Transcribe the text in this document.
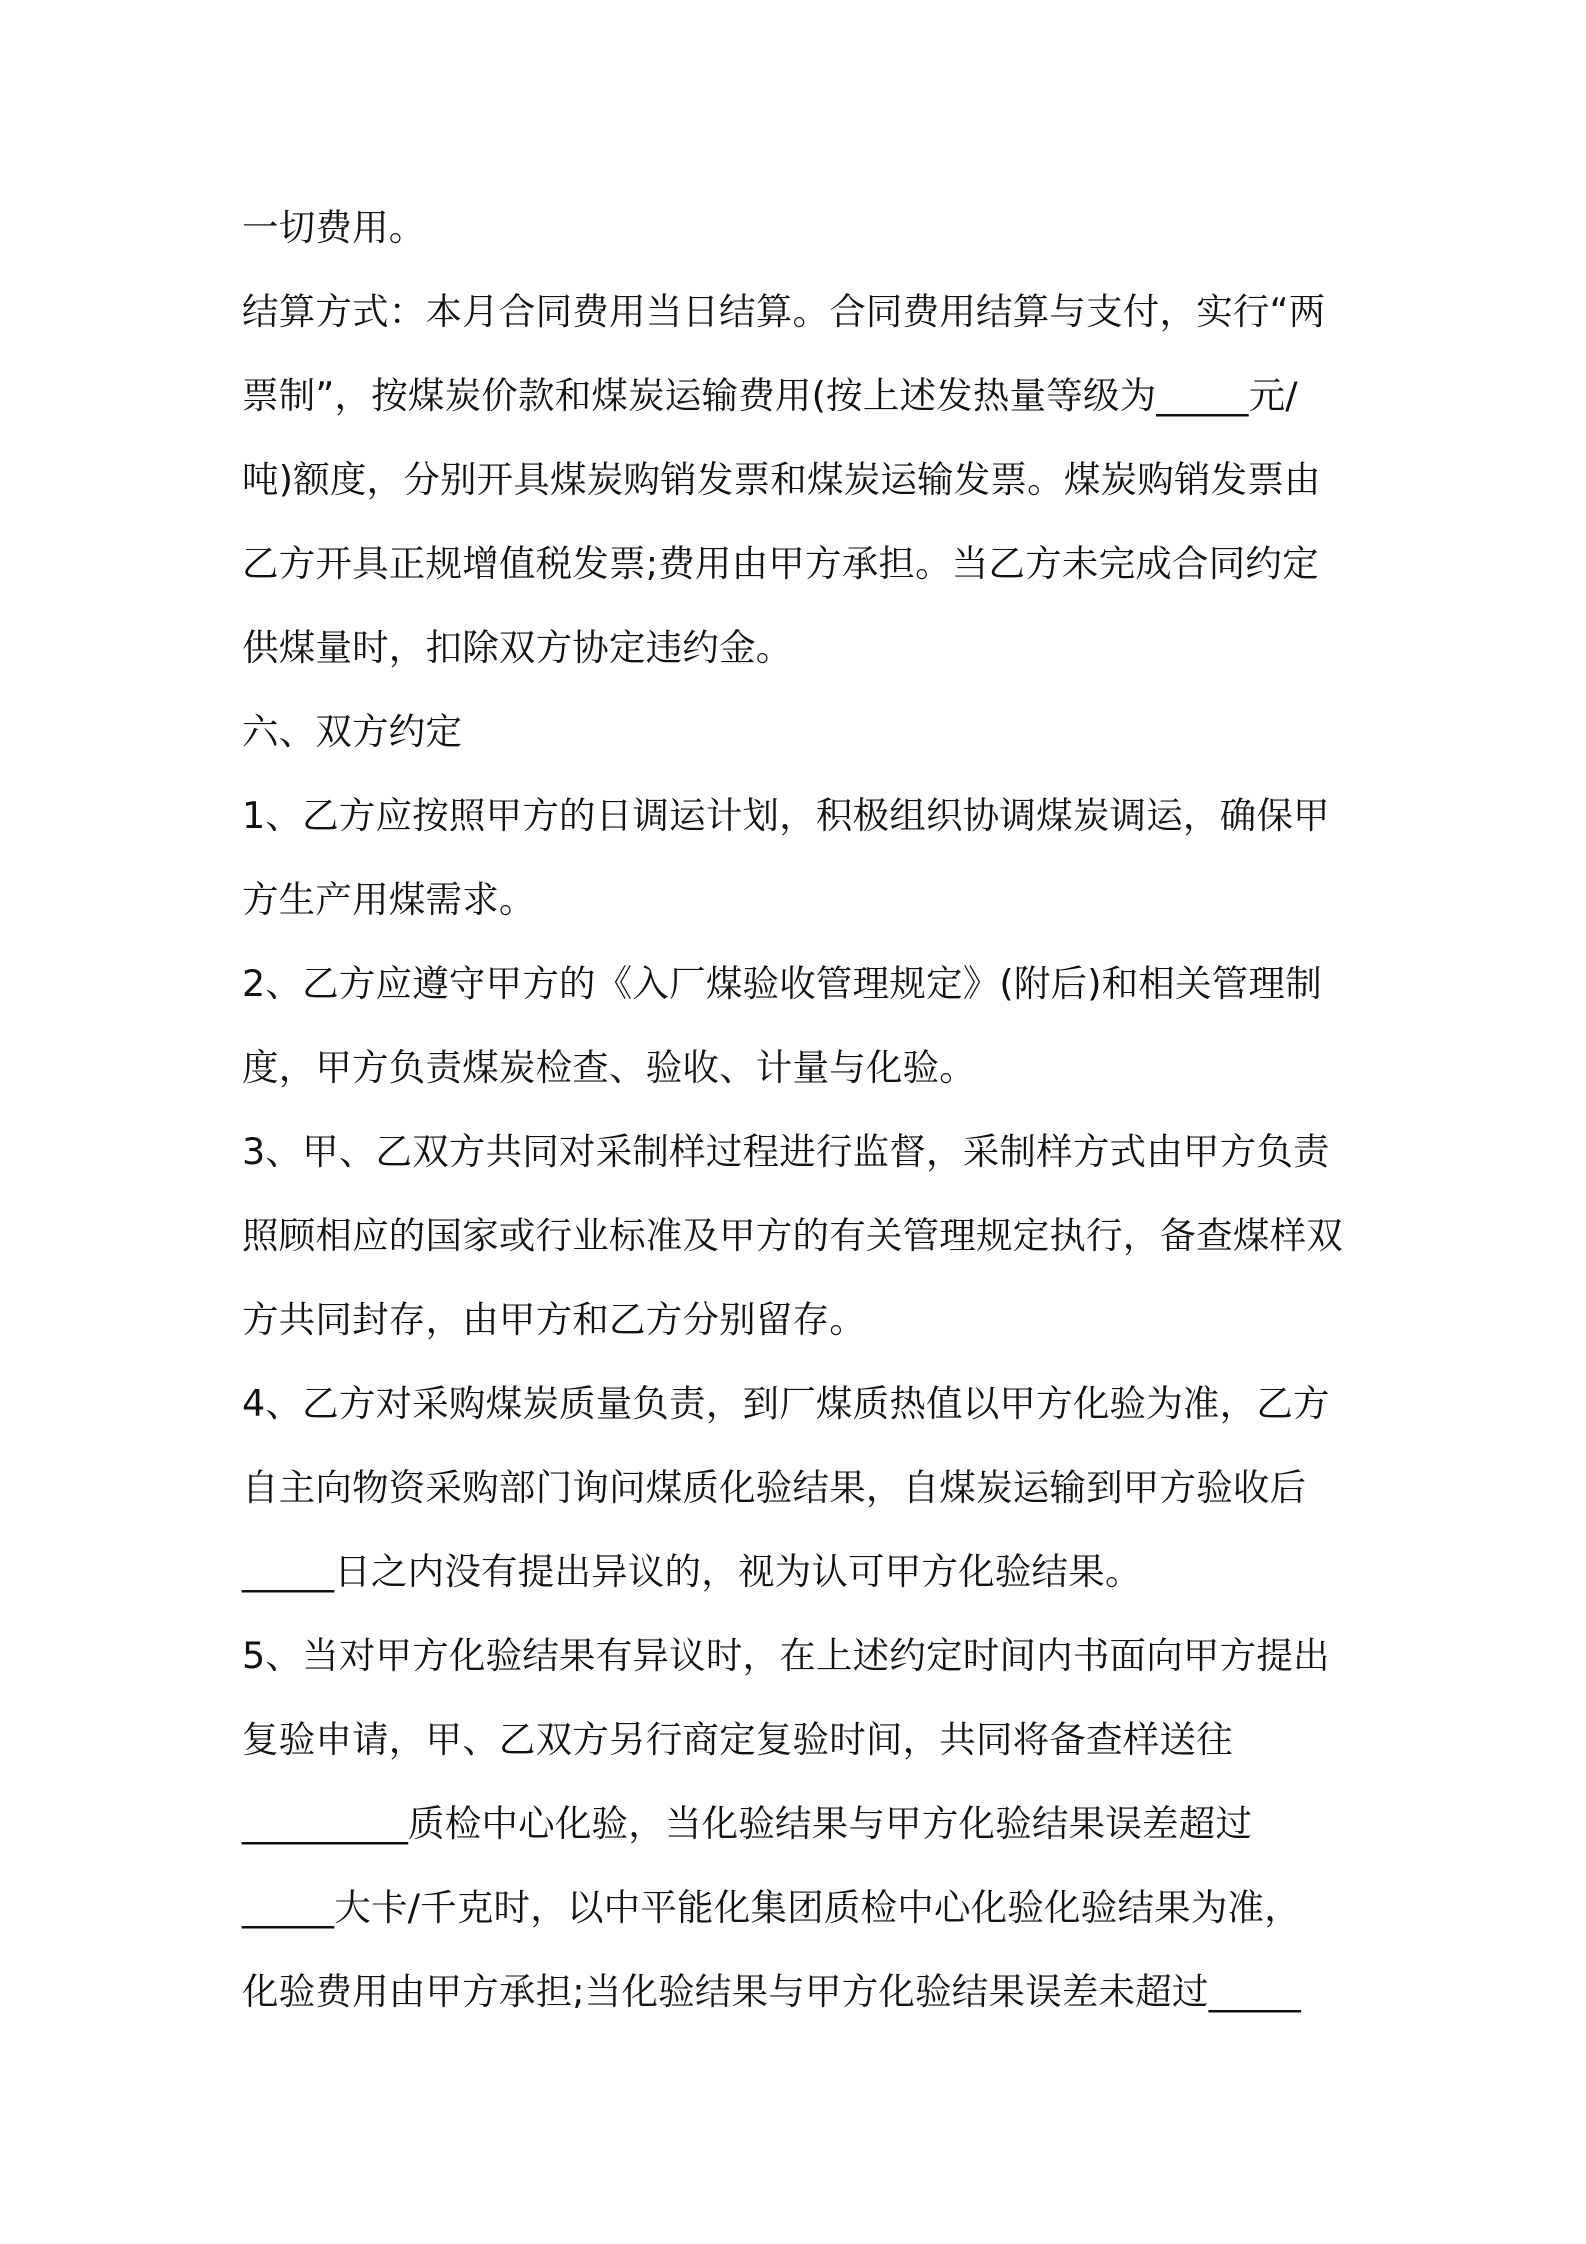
一切费用。
结算方式：本月合同费用当日结算。合同费用结算与支付，实行“两
票制”，按煤炭价款和煤炭运输费用(按上述发热量等级为_____元/
吨)额度，分别开具煤炭购销发票和煤炭运输发票。煤炭购销发票由
乙方开具正规增值税发票;费用由甲方承担。当乙方未完成合同约定
供煤量时，扣除双方协定违约金。
六、双方约定
1、乙方应按照甲方的日调运计划，积极组织协调煤炭调运，确保甲
方生产用煤需求。
2、乙方应遵守甲方的《入厂煤验收管理规定》(附后)和相关管理制
度，甲方负责煤炭检查、验收、计量与化验。
3、甲、乙双方共同对采制样过程进行监督，采制样方式由甲方负责
照顾相应的国家或行业标准及甲方的有关管理规定执行，备查煤样双
方共同封存，由甲方和乙方分别留存。
4、乙方对采购煤炭质量负责，到厂煤质热值以甲方化验为准，乙方
自主向物资采购部门询问煤质化验结果，自煤炭运输到甲方验收后
_____日之内没有提出异议的，视为认可甲方化验结果。
5、当对甲方化验结果有异议时，在上述约定时间内书面向甲方提出
复验申请，甲、乙双方另行商定复验时间，共同将备查样送往
_________质检中心化验，当化验结果与甲方化验结果误差超过
_____大卡/千克时，以中平能化集团质检中心化验化验结果为准，
化验费用由甲方承担;当化验结果与甲方化验结果误差未超过_____
